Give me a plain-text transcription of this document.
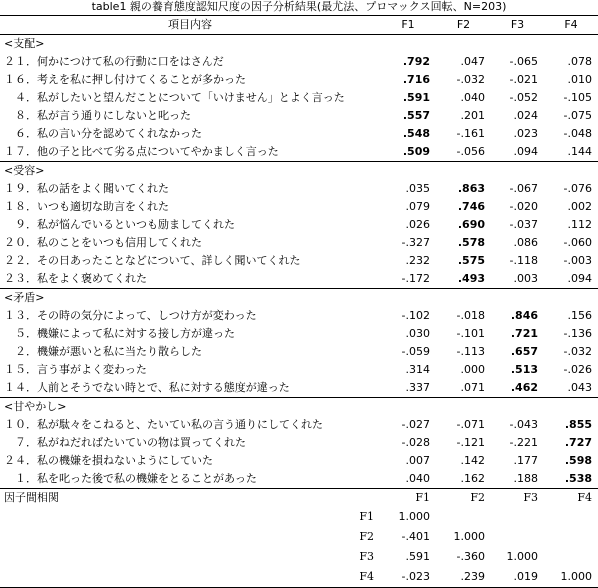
table1 親の養育態度認知尺度の因子分析結果(最尤法、プロマックス回転、N=203)
項目内容	F1	F2	F3	F4
<支配>				
２１．何かにつけて私の行動に口をはさんだ	.792	.047	-.065	.078
１６．考えを私に押し付けてくることが多かった	.716	-.032	-.021	.010
　４．私がしたいと望んだことについて「いけません」とよく言った	.591	.040	-.052	-.105
　８．私が言う通りにしないと叱った	.557	.201	.024	-.075
　６．私の言い分を認めてくれなかった	.548	-.161	.023	-.048
１７．他の子と比べて劣る点についてやかましく言った	.509	-.056	.094	.144
<受容>				
１９．私の話をよく聞いてくれた	.035	.863	-.067	-.076
１８．いつも適切な助言をくれた	.079	.746	-.020	.002
　９．私が悩んでいるといつも励ましてくれた	.026	.690	-.037	.112
２０．私のことをいつも信用してくれた	-.327	.578	.086	-.060
２２．その日あったことなどについて、詳しく聞いてくれた	.232	.575	-.118	-.003
２３．私をよく褒めてくれた	-.172	.493	.003	.094
<矛盾>				
１３．その時の気分によって、しつけ方が変わった	-.102	-.018	.846	.156
　５．機嫌によって私に対する接し方が違った	.030	-.101	.721	-.136
　２．機嫌が悪いと私に当たり散らした	-.059	-.113	.657	-.032
１５．言う事がよく変わった	.314	.000	.513	-.026
１４．人前とそうでない時とで、私に対する態度が違った	.337	.071	.462	.043
<甘やかし>				
１０．私が駄々をこねると、たいてい私の言う通りにしてくれた	-.027	-.071	-.043	.855
　７．私がねだればたいていの物は買ってくれた	-.028	-.121	-.221	.727
２４．私の機嫌を損ねないようにしていた	.007	.142	.177	.598
　１．私を叱った後で私の機嫌をとることがあった	.040	.162	.188	.538
因子間相関	F1	F2	F3	F4
F1	1.000			
F2	-.401	1.000		
F3	.591	-.360	1.000	
F4	-.023	.239	.019	1.000
